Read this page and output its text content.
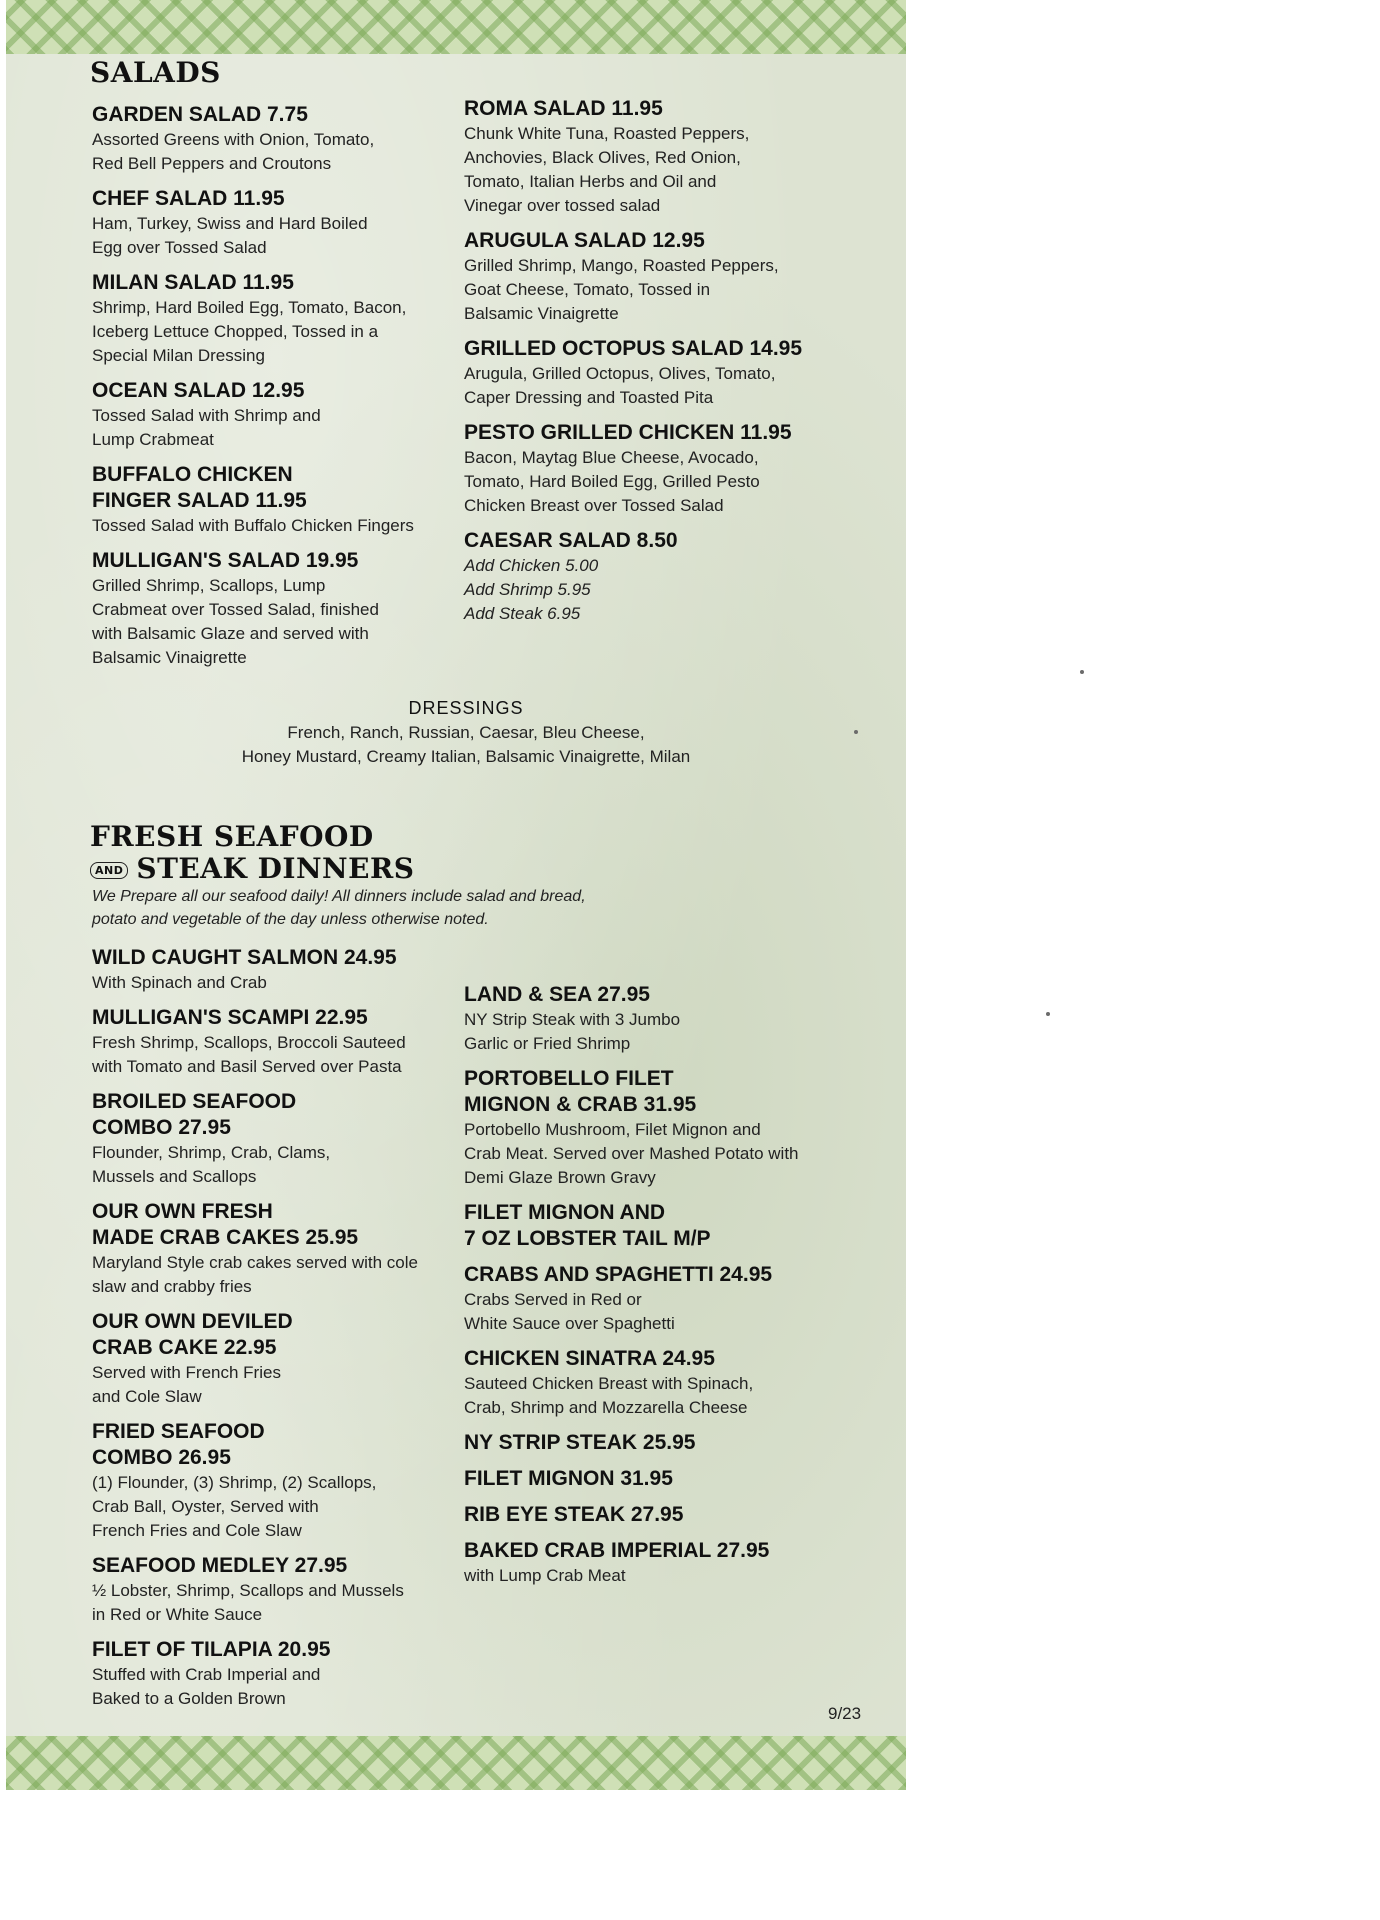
SALADS
GARDEN SALAD 7.75
Assorted Greens with Onion, Tomato,
Red Bell Peppers and Croutons
CHEF SALAD 11.95
Ham, Turkey, Swiss and Hard Boiled
Egg over Tossed Salad
MILAN SALAD 11.95
Shrimp, Hard Boiled Egg, Tomato, Bacon,
Iceberg Lettuce Chopped, Tossed in a
Special Milan Dressing
OCEAN SALAD 12.95
Tossed Salad with Shrimp and
Lump Crabmeat
BUFFALO CHICKEN
FINGER SALAD 11.95
Tossed Salad with Buffalo Chicken Fingers
MULLIGAN'S SALAD 19.95
Grilled Shrimp, Scallops, Lump
Crabmeat over Tossed Salad, finished
with Balsamic Glaze and served with
Balsamic Vinaigrette
ROMA SALAD 11.95
Chunk White Tuna, Roasted Peppers,
Anchovies, Black Olives, Red Onion,
Tomato, Italian Herbs and Oil and
Vinegar over tossed salad
ARUGULA SALAD 12.95
Grilled Shrimp, Mango, Roasted Peppers,
Goat Cheese, Tomato, Tossed in
Balsamic Vinaigrette
GRILLED OCTOPUS SALAD 14.95
Arugula, Grilled Octopus, Olives, Tomato,
Caper Dressing and Toasted Pita
PESTO GRILLED CHICKEN 11.95
Bacon, Maytag Blue Cheese, Avocado,
Tomato, Hard Boiled Egg, Grilled Pesto
Chicken Breast over Tossed Salad
CAESAR SALAD 8.50
Add Chicken 5.00
Add Shrimp 5.95
Add Steak 6.95
DRESSINGS
French, Ranch, Russian, Caesar, Bleu Cheese,
Honey Mustard, Creamy Italian, Balsamic Vinaigrette, Milan
FRESH SEAFOOD
AND STEAK DINNERS

We Prepare all our seafood daily! All dinners include salad and bread, potato and vegetable of the day unless otherwise noted.

WILD CAUGHT SALMON 24.95
With Spinach and Crab
MULLIGAN'S SCAMPI 22.95
Fresh Shrimp, Scallops, Broccoli Sauteed
with Tomato and Basil Served over Pasta
BROILED SEAFOOD
COMBO 27.95
Flounder, Shrimp, Crab, Clams,
Mussels and Scallops
OUR OWN FRESH
MADE CRAB CAKES 25.95
Maryland Style crab cakes served with cole
slaw and crabby fries
OUR OWN DEVILED
CRAB CAKE 22.95
Served with French Fries
and Cole Slaw
FRIED SEAFOOD
COMBO 26.95
(1) Flounder, (3) Shrimp, (2) Scallops,
Crab Ball, Oyster, Served with
French Fries and Cole Slaw
SEAFOOD MEDLEY 27.95
½ Lobster, Shrimp, Scallops and Mussels
in Red or White Sauce
FILET OF TILAPIA 20.95
Stuffed with Crab Imperial and
Baked to a Golden Brown
LAND & SEA 27.95
NY Strip Steak with 3 Jumbo
Garlic or Fried Shrimp
PORTOBELLO FILET
MIGNON & CRAB 31.95
Portobello Mushroom, Filet Mignon and
Crab Meat. Served over Mashed Potato with
Demi Glaze Brown Gravy
FILET MIGNON AND
7 OZ LOBSTER TAIL M/P
CRABS AND SPAGHETTI 24.95
Crabs Served in Red or
White Sauce over Spaghetti
CHICKEN SINATRA 24.95
Sauteed Chicken Breast with Spinach,
Crab, Shrimp and Mozzarella Cheese
NY STRIP STEAK 25.95
FILET MIGNON 31.95
RIB EYE STEAK 27.95
BAKED CRAB IMPERIAL 27.95
with Lump Crab Meat
9/23
